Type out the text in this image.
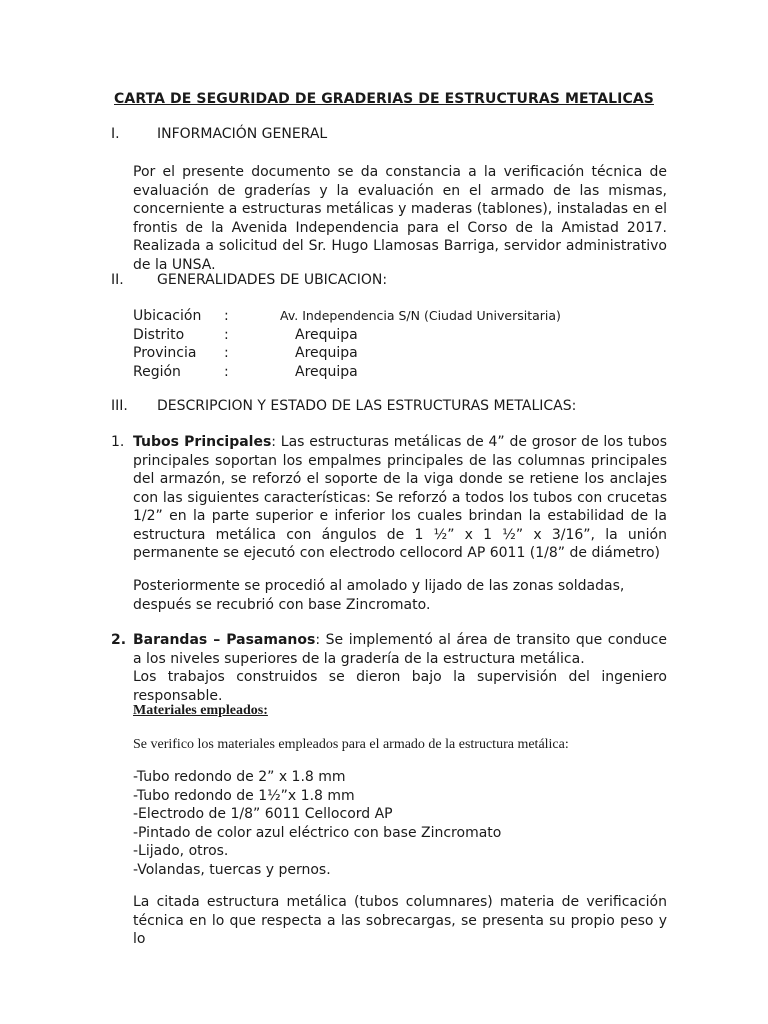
CARTA DE SEGURIDAD DE GRADERIAS DE ESTRUCTURAS METALICAS
I.	INFORMACIÓN GENERAL
Por el presente documento se da constancia a la verificación técnica de evaluación de graderías y la evaluación en el armado de las mismas, concerniente a estructuras metálicas y maderas (tablones), instaladas en el frontis de la Avenida Independencia para el Corso de la Amistad 2017. Realizada a solicitud del Sr. Hugo Llamosas Barriga, servidor administrativo de la UNSA.
II. GENERALIDADES DE UBICACION:
Ubicación	:	Av. Independencia S/N (Ciudad Universitaria)
Distrito	:	Arequipa
Provincia	:	Arequipa
Región	:	Arequipa
III. DESCRIPCION Y ESTADO DE LAS ESTRUCTURAS METALICAS:
1. Tubos Principales: Las estructuras metálicas de 4” de grosor de los tubos principales soportan los empalmes principales de las columnas principales del armazón, se reforzó el soporte de la viga donde se retiene los anclajes con las siguientes características: Se reforzó a todos los tubos con crucetas 1/2” en la parte superior e inferior los cuales brindan la estabilidad de la estructura metálica con ángulos de 1 ½” x 1 ½” x 3/16”, la unión permanente se ejecutó con electrodo cellocord AP 6011 (1/8” de diámetro)
Posteriormente se procedió al amolado y lijado de las zonas soldadas, después se recubrió con base Zincromato.
2. Barandas – Pasamanos: Se implementó al área de transito que conduce a los niveles superiores de la gradería de la estructura metálica.
Los trabajos construidos se dieron bajo la supervisión del ingeniero responsable.
Materiales empleados:
Se verifico los materiales empleados para el armado de la estructura metálica:
-Tubo redondo de 2” x 1.8 mm
-Tubo redondo de 1½”x 1.8 mm
-Electrodo de 1/8” 6011 Cellocord AP
-Pintado de color azul eléctrico con base Zincromato
-Lijado, otros.
-Volandas, tuercas y pernos.
La citada estructura metálica (tubos columnares) materia de verificación técnica en lo que respecta a las sobrecargas, se presenta su propio peso y lo
